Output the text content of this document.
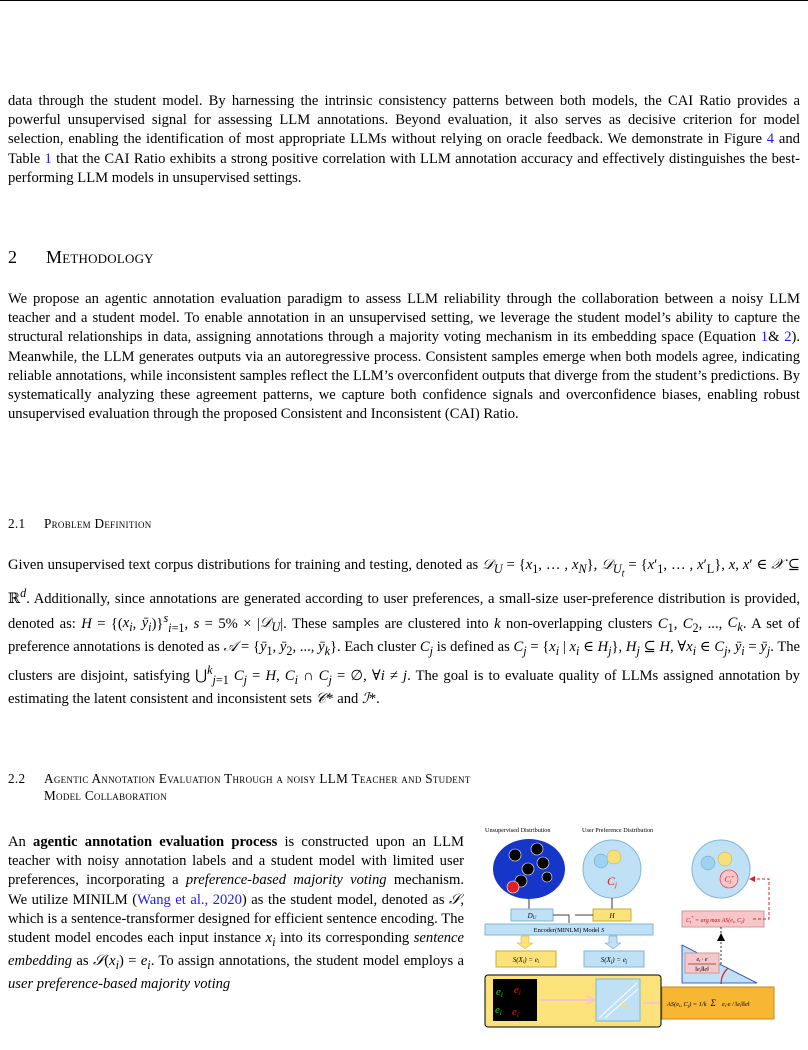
data through the student model. By harnessing the intrinsic consistency patterns between both models, the CAI Ratio provides a powerful unsupervised signal for assessing LLM annotations. Beyond evaluation, it also serves as decisive criterion for model selection, enabling the identification of most appropriate LLMs without relying on oracle feedback. We demonstrate in Figure 4 and Table 1 that the CAI Ratio exhibits a strong positive correlation with LLM annotation accuracy and effectively distinguishes the best-performing LLM models in unsupervised settings.

2 Methodology

We propose an agentic annotation evaluation paradigm to assess LLM reliability through the collaboration between a noisy LLM teacher and a student model. To enable annotation in an unsupervised setting, we leverage the student model’s ability to capture the structural relationships in data, assigning annotations through a majority voting mechanism in its embedding space (Equation 1& 2). Meanwhile, the LLM generates outputs via an autoregressive process. Consistent samples emerge when both models agree, indicating reliable annotations, while inconsistent samples reflect the LLM’s overconfident outputs that diverge from the student’s predictions. By systematically analyzing these agreement patterns, we capture both confidence signals and overconfidence biases, enabling robust unsupervised evaluation through the proposed Consistent and Inconsistent (CAI) Ratio.

2.1 Problem Definition

Given unsupervised text corpus distributions for training and testing, denoted as 𝒟$_U$ = {$x_1$, … , $x_N$}, 𝒟$_{U_t}$ = {$x'_1$, … , $x'_L$}, x, x′ ∈ 𝒳 ⊆ ℝ$^d$. Additionally, since annotations are generated according to user preferences, a small-size user-preference distribution is provided, denoted as: $H = \{(x_i$, $ȳ_i)\}^s_{i=1}$, s = 5% × |𝒟$_U$|. These samples are clustered into k non-overlapping clusters $C_1$, $C_2$, ..., $C_k$. A set of preference annotations is denoted as 𝒜 = {$ȳ_1$, $ȳ_2$, ..., $ȳ_k$}. Each cluster $C_j$ is defined as $C_j = \{x_i$ | $x_i$ ∈ $H_j$}, $H_j$ ⊆ H, $\forall x_i$ ∈ $C_j$, $ȳ_i$ = $ȳ_j$. The clusters are disjoint, satisfying ⋃$^k_{j=1}$ $C_j = H$, $C_i$ ∩ $C_j$ = ∅, ∀i ≠ j. The goal is to evaluate quality of LLMs assigned annotation by estimating the latent consistent and inconsistent sets 𝒞* and ℐ*.

2.2 Agentic Annotation Evaluation Through a noisy LLM Teacher and Student
Model Collaboration

An agentic annotation evaluation process is constructed upon an LLM teacher with noisy annotation labels and a student model with limited user preferences, incorporating a preference-based majority voting mechanism. We utilize MINILM (Wang et al., 2020) as the student model, denoted as 𝒮, which is a sentence-transformer designed for efficient sentence encoding. The student model encodes each input instance $x_i$ into its corresponding sentence embedding as $𝒮(x_i) = e_i$. To assign annotations, the student model employs a user preference-based majority voting

Unsupervised Distribution	User Preference Distribution
Cj
Cj*
DU	H
Encoder(MINLM) Model S
S(Xi) = ei	S(Xj) = ej
ei ei
ei ei
$e_j$	AS(ei, Cj) = 1/k Σ ei·e / ‖ei‖‖e‖
Cj* = arg max AS(ei, Cj)
ei · e
‖ei‖‖e‖
